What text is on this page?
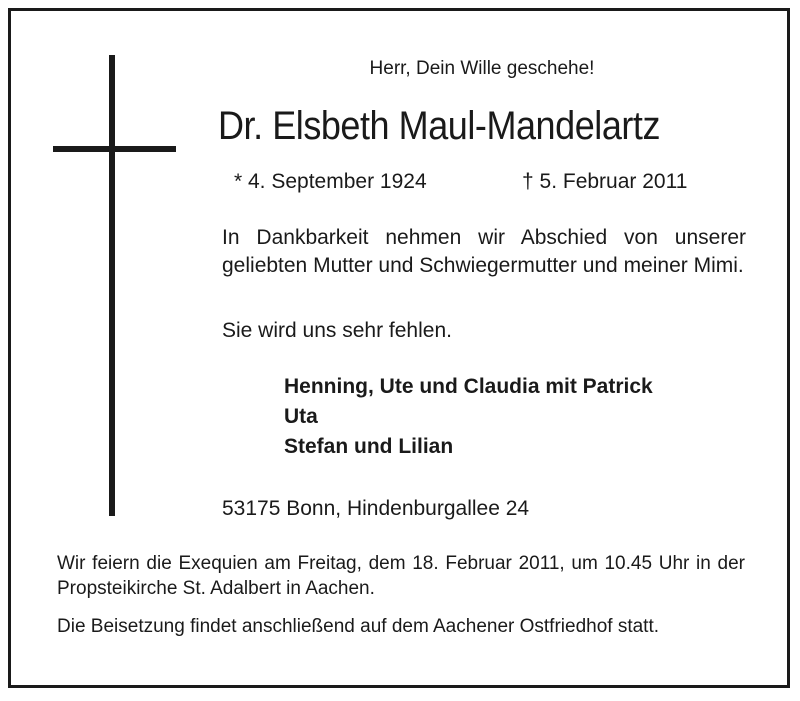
Herr, Dein Wille geschehe!
Dr. Elsbeth Maul-Mandelartz
* 4. September 1924	† 5. Februar 2011
In Dankbarkeit nehmen wir Abschied von unserer geliebten Mutter und Schwiegermutter und meiner Mimi.
Sie wird uns sehr fehlen.
Henning, Ute und Claudia mit Patrick
Uta
Stefan und Lilian
53175 Bonn, Hindenburgallee 24
Wir feiern die Exequien am Freitag, dem 18. Februar 2011, um 10.45 Uhr in der Propsteikirche St. Adalbert in Aachen.
Die Beisetzung findet anschließend auf dem Aachener Ostfriedhof statt.
